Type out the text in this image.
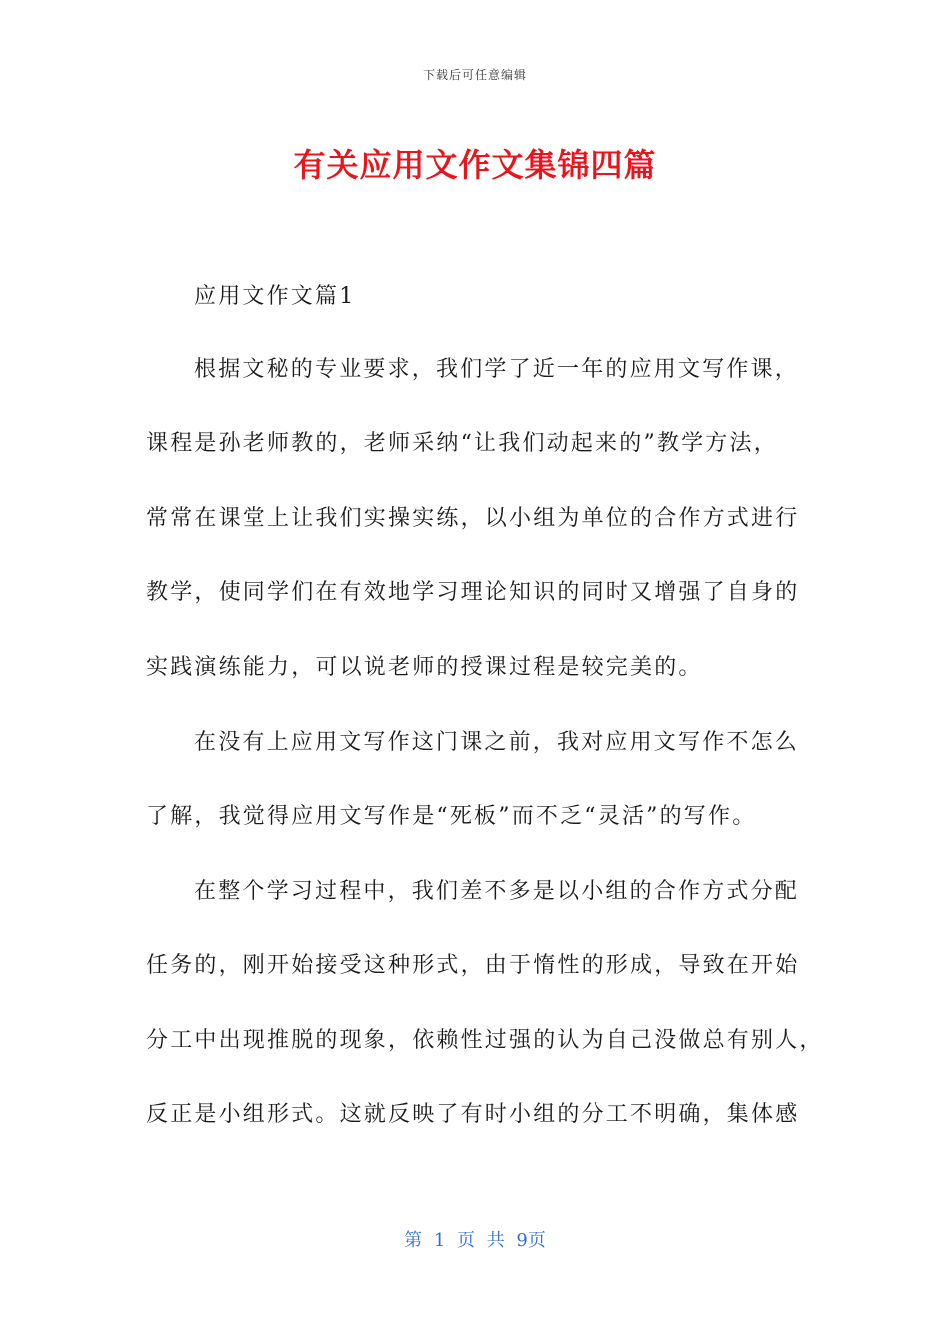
下载后可任意编辑
有关应用文作文集锦四篇
应用文作文篇1
根据文秘的专业要求，我们学了近一年的应用文写作课，
课程是孙老师教的，老师采纳“让我们动起来的”教学方法，
常常在课堂上让我们实操实练，以小组为单位的合作方式进行
教学，使同学们在有效地学习理论知识的同时又增强了自身的
实践演练能力，可以说老师的授课过程是较完美的。
在没有上应用文写作这门课之前，我对应用文写作不怎么
了解，我觉得应用文写作是“死板”而不乏“灵活”的写作。
在整个学习过程中，我们差不多是以小组的合作方式分配
任务的，刚开始接受这种形式，由于惰性的形成，导致在开始
分工中出现推脱的现象，依赖性过强的认为自己没做总有别人，
反正是小组形式。这就反映了有时小组的分工不明确，集体感
第 1 页 共 9页
